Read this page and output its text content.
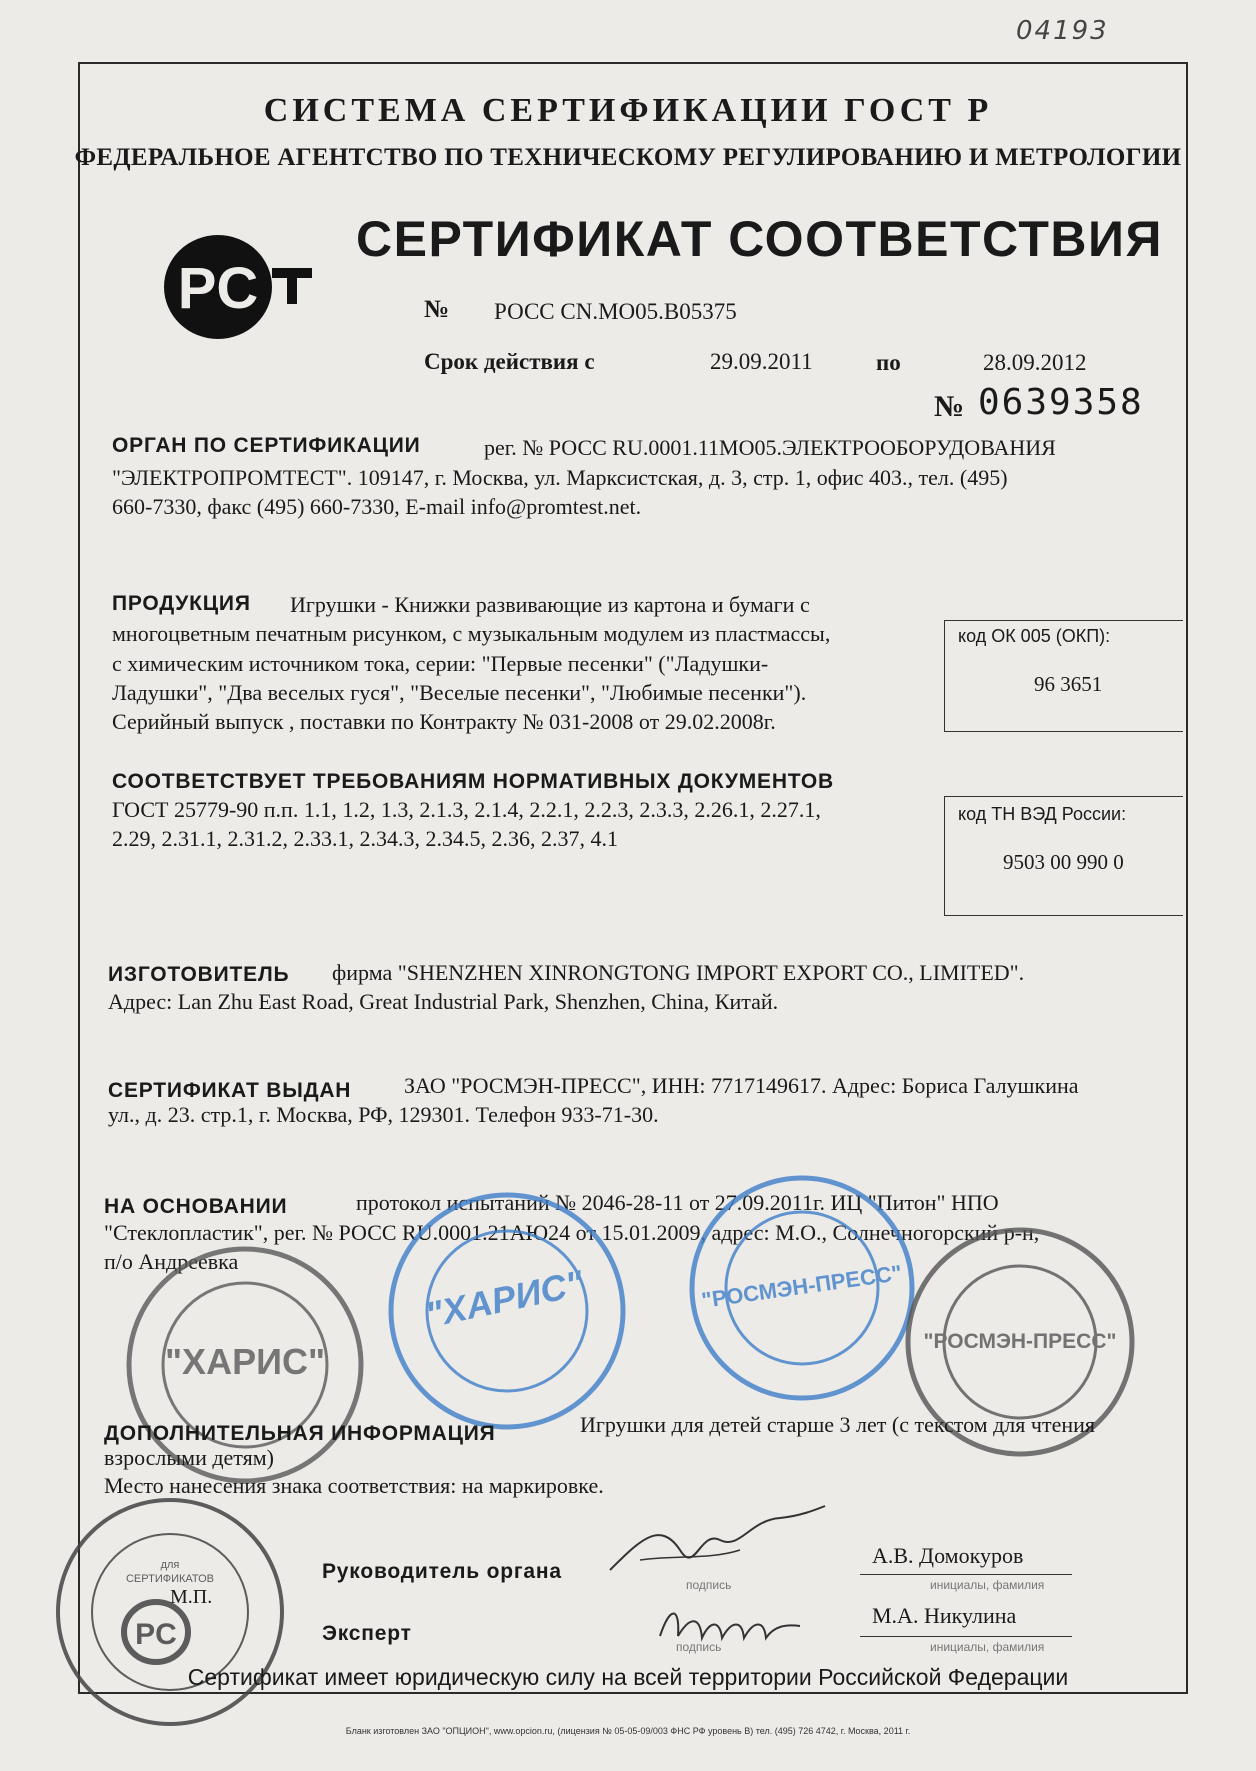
04193
СИСТЕМА СЕРТИФИКАЦИИ ГОСТ Р
ФЕДЕРАЛЬНОЕ АГЕНТСТВО ПО ТЕХНИЧЕСКОМУ РЕГУЛИРОВАНИЮ И МЕТРОЛОГИИ
PC
СЕРТИФИКАТ СООТВЕТСТВИЯ
№ РОСС CN.МО05.В05375
Срок действия с	29.09.2011	по	28.09.2012
№ 0639358
ОРГАН ПО СЕРТИФИКАЦИИ	рег. № РОСС RU.0001.11МО05.ЭЛЕКТРООБОРУДОВАНИЯ
"ЭЛЕКТРОПРОМТЕСТ". 109147, г. Москва, ул. Марксистская, д. 3, стр. 1, офис 403., тел. (495)
660-7330, факс (495) 660-7330, E-mail info@promtest.net.
ПРОДУКЦИЯ Игрушки - Книжки развивающие из картона и бумаги с
многоцветным печатным рисунком, с музыкальным модулем из пластмассы,
с химическим источником тока, серии: "Первые песенки" ("Ладушки-
Ладушки", "Два веселых гуся", "Веселые песенки", "Любимые песенки").
Серийный выпуск , поставки по Контракту № 031-2008 от 29.02.2008г.
код ОК 005 (ОКП):
96 3651
СООТВЕТСТВУЕТ ТРЕБОВАНИЯМ НОРМАТИВНЫХ ДОКУМЕНТОВ
ГОСТ 25779-90 п.п. 1.1, 1.2, 1.3, 2.1.3, 2.1.4, 2.2.1, 2.2.3, 2.3.3, 2.26.1, 2.27.1,
2.29, 2.31.1, 2.31.2, 2.33.1, 2.34.3, 2.34.5, 2.36, 2.37, 4.1
код ТН ВЭД России:
9503 00 990 0
ИЗГОТОВИТЕЛЬ фирма "SHENZHEN XINRONGTONG IMPORT EXPORT CO., LIMITED".
Адрес: Lan Zhu East Road, Great Industrial Park, Shenzhen, China, Китай.
СЕРТИФИКАТ ВЫДАН ЗАО "РОСМЭН-ПРЕСС", ИНН: 7717149617. Адрес: Бориса Галушкина
ул., д. 23. стр.1, г. Москва, РФ, 129301. Телефон 933-71-30.
НА ОСНОВАНИИ	протокол испытаний № 2046-28-11 от 27.09.2011г. ИЦ "Питон" НПО
"Стеклопластик", рег. № РОСС RU.0001.21АЮ24 от 15.01.2009, адрес: М.О., Солнечногорский р-н,
п/о Андреевка
"ХАРИС"
"ХАРИС"	"РОСМЭН-ПРЕСС"
"РОСМЭН-ПРЕСС"
ДОПОЛНИТЕЛЬНАЯ ИНФОРМАЦИЯ	Игрушки для детей старше 3 лет (с текстом для чтения
взрослыми детям)
Место нанесения знака соответствия: на маркировке.
для
СЕРТИФИКАТОВ
PC
М.П.
Руководитель органа
подпись
А.В. Домокуров
инициалы, фамилия
Эксперт
подпись
М.А. Никулина
инициалы, фамилия
Сертификат имеет юридическую силу на всей территории Российской Федерации
Бланк изготовлен ЗАО "ОПЦИОН", www.opcion.ru, (лицензия № 05-05-09/003 ФНС РФ уровень В) тел. (495) 726 4742, г. Москва, 2011 г.
